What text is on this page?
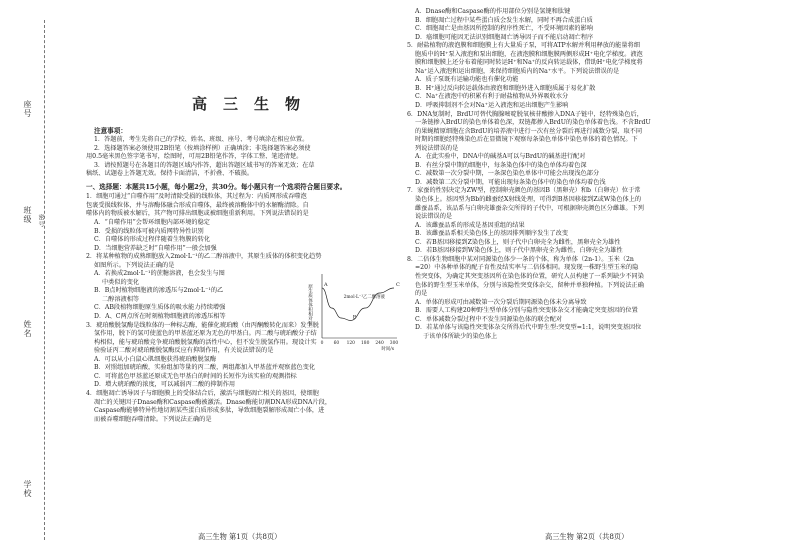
学校
姓名
班级
座号
密号
高三生物
注意事项：
1．答题前，考生先将自己的学校、姓名、班级、座号、考号填涂在相应位置。
2．选择题答案必须使用2B铅笔（按填涂样例）正确填涂；非选择题答案必须使
用0.5毫米黑色签字笔书写，绘图时，可用2B铅笔作答，字体工整、笔迹清楚。
3．请按照题号在各题目的答题区域内作答，超出答题区域书写的答案无效；在草
稿纸、试题卷上答题无效。保持卡面清洁，不折叠、不破损。
一、选择题：本题共15小题，每小题2分，共30分。每小题只有一个选项符合题目要求。
1．细胞可通过“自噬作用”及时清除受损的线粒体，其过程为：内质网形成吞噬泡
包裹受损线粒体，并与溶酶体融合形成自噬体，最终被溶酶体中的水解酶清除。自
噬体内的物质被水解后，其产物可排出细胞或被细胞重新利用。下列说法错误的是
A．“自噬作用”会帮环细胞内部环境的稳定
B．受损的线粒体可被内质网特异性识别
C．自噬体的形成过程伴随着生物膜的转化
D．当细胞营养缺乏时“自噬作用”一般会加强
2．将某种植物的成熟细胞放入2mol·L⁻¹的乙二醇溶液中，其原生质体的体积变化趋势
如图所示。下列说法正确的是
A．若换成2mol·L⁻¹的蔗糖溶液，也会发生与图
中类似的变化
B．B点时植物细胞液的渗透压与2mol·L⁻¹的乙
二醇溶液相等
C．AB段植物细胞原生质体的吸水能力持续增强
D．A、C两点所在时刻植物细胞液的渗透压相等	原生质体体积相对值
0 60 120 180 240 300
时间/s
A
B
C
2mol·L⁻¹乙二醇溶液
3．琥珀酸脱氢酶是线粒体的一种标志酶，能催化琥珀酸（由丙酮酸转化而来）发生脱
氢作用，脱下的氢可使蓝色的甲基蓝还原为无色的甲基白。丙二酸与琥珀酸分子结
构相似，能与琥珀酸竞争琥珀酸脱氢酶的活性中心，但不发生脱氢作用。现设计实
验验证丙二酸对琥珀酸脱氢酶反应有抑制作用，有关说法错误的是
A．可以从小白鼠心肌细胞获得琥珀酸脱氢酶
B．对照组加琥珀酸，实验组加等量的丙二酸，两组都加入甲基蓝并观察蓝色变化
C．可将蓝色甲基蓝还原成无色甲基白的时间的长短作为该实验的观测指标
D．增大琥珀酸的浓度，可以减弱丙二酸的抑制作用
4．细胞凋亡诱导因子与细胞膜上的受体结合后，激活与细胞凋亡相关的基因，使细胞
凋亡的关键因子Dnase酶和Caspase酶被激活。Dnase酶能切割DNA形成DNA片段，
Caspase酶能够特异性地切割某些蛋白质形成多肽，导致细胞裂解形成凋亡小体，进
而被吞噬细胞吞噬清除。下列说法正确的是
A．Dnase酶和Caspase酶的作用部位分别是氢键和肽键
B．细胞凋亡过程中某些蛋白质会发生水解，同时不再合成蛋白质
C．细胞凋亡是由基因所控制的程序性死亡，不受环境因素的影响
D．癌细胞可能因无法识别细胞凋亡诱导因子而不能启动凋亡程序
5．耐盐植物的液泡膜和细胞膜上有大量质子泵，可将ATP水解并利用释放的能量将细
胞质中的H⁺泵入液泡和泵出细胞，在液泡膜和细胞膜两侧形成H⁺电化学梯度。液泡
膜和细胞膜上还分布着能同时转运H⁺和Na⁺的反向转运载体，借助H⁺电化学梯度将
Na⁺运入液泡和运出细胞，来保持细胞质内的Na⁺水平。下列说法错误的是
A．质子泵既有运输功能也有催化功能
B．H⁺通过反向转运载体由液泡和细胞外进入细胞质属于易化扩散
C．Na⁺在液泡中的积累有利于耐盐植物从外界吸收水分
D．呼吸抑制剂不会对Na⁺运入液泡和运出细胞产生影响
6．DNA复制时，BrdU可替代胸腺嘧啶脱氧核苷酸掺入DNA子链中，经特殊染色后，
一条链掺入BrdU的染色单体着色深，双链都掺入BrdU的染色单体着色浅。不含BrdU
的果蝇精原细胞在含BrdU的培养液中进行一次有丝分裂后再进行减数分裂，取不同
时期的细胞经特殊染色后在显微镜下观察每条染色单体中染色单体的着色情况。下
列说法错误的是
A．在此实验中，DNA中的碱基A可以与BrdU的碱基进行配对
B．有丝分裂中期的细胞中，每条染色体中的染色单体均着色深
C．减数第一次分裂中期，一条深色染色单体中可能会出现浅色部分
D．减数第二次分裂中期，可能出现每条染色体中的染色单体均着色浅
7．家蚕的性别决定为ZW型，控制卵壳颜色的基因B（黑卵壳）和b（白卵壳）位于常
染色体上。基因型为Bb的雌蚕经X射线处理，可得到B基因移接到Z或W染色体上的
雌蚕品系，该品系与白卵壳雄蚕杂交所得的子代中，可根据卵壳颜色区分雌雄。下列
说法错误的是
A．该雌蚕品系的形成是基因重组的结果
B．该雌蚕品系相关染色体上的基因排列顺序发生了改变
C．若B基因移接到Z染色体上，则子代中白卵壳全为雌性，黑卵壳全为雄性
D．若B基因移接到W染色体上，则子代中黑卵壳全为雌性，白卵壳全为雄性
8．二倍体生物细胞中某对同源染色体少一条的个体，称为单体（2n-1）。玉米（2n
=20）中各种单体的配子育性及结实率与二倍体相同。现发现一株野生型玉米的隐
性突变体，为确定其突变基因所在染色体的位置，研究人员构建了一系列缺少不同染
色体的野生型玉米单体，分别与该隐性突变体杂交，留种并单独种植。下列说法正确
的是
A．单体的形成可由减数第一次分裂后期同源染色体未分离导致
B．需要人工构建20种野生型单体分别与隐性突变体杂交才能确定突变基因的位置
C．单体减数分裂过程中不发生同源染色体的联会配对
D．若某单体与该隐性突变体杂交所得后代中野生型:突变型=1:1，说明突变基因位
于该单体所缺少的染色体上
高三生物 第1页（共8页）	高三生物 第2页（共8页）
